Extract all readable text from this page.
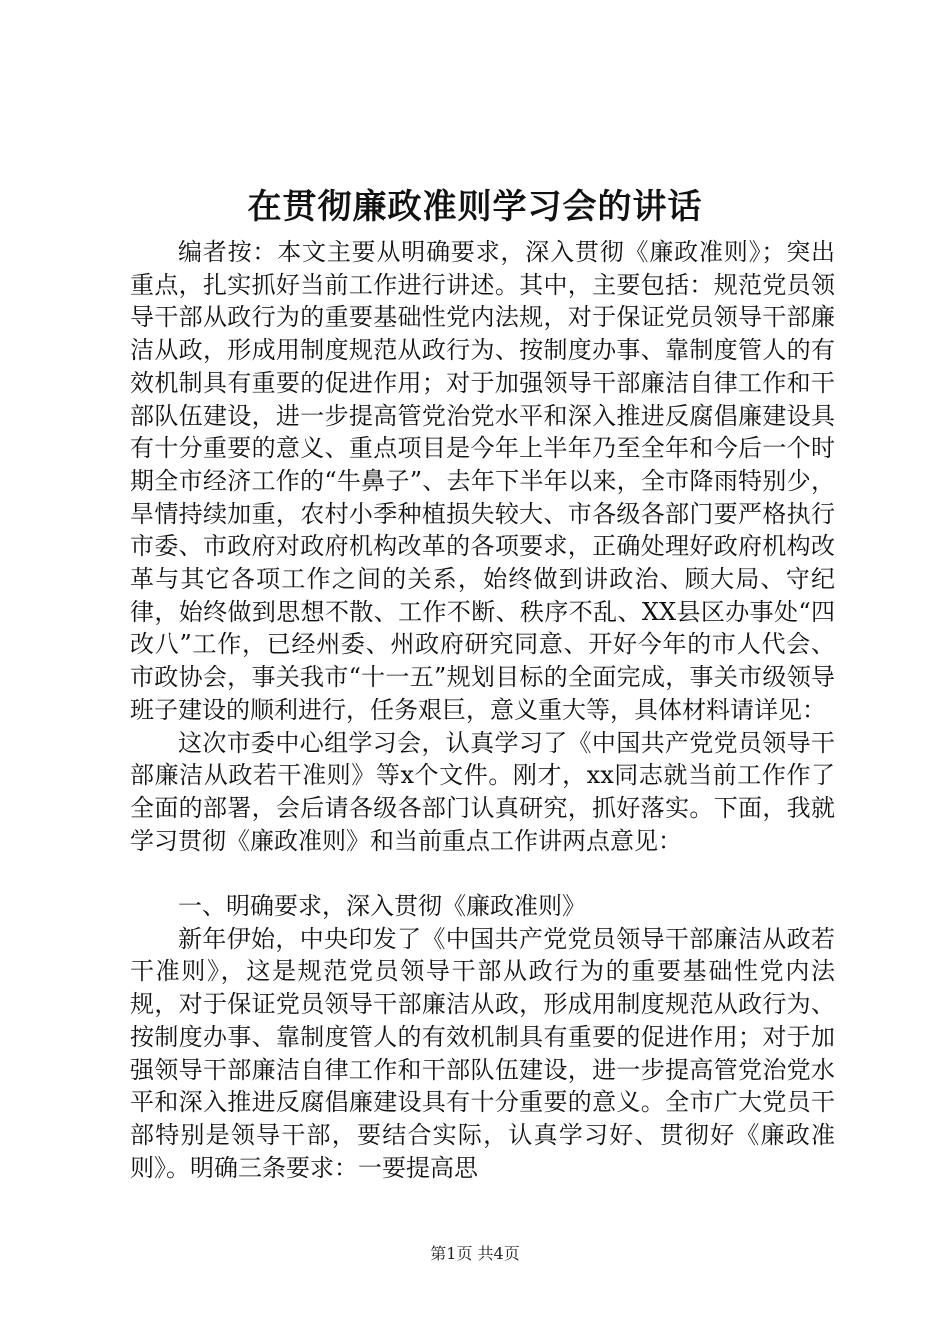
在贯彻廉政准则学习会的讲话

编者按：本文主要从明确要求，深入贯彻《廉政准则》；突出重点，扎实抓好当前工作进行讲述。其中，主要包括：规范党员领导干部从政行为的重要基础性党内法规，对于保证党员领导干部廉洁从政，形成用制度规范从政行为、按制度办事、靠制度管人的有效机制具有重要的促进作用；对于加强领导干部廉洁自律工作和干部队伍建设，进一步提高管党治党水平和深入推进反腐倡廉建设具有十分重要的意义、重点项目是今年上半年乃至全年和今后一个时期全市经济工作的“牛鼻子”、去年下半年以来，全市降雨特别少，旱情持续加重，农村小季种植损失较大、市各级各部门要严格执行市委、市政府对政府机构改革的各项要求，正确处理好政府机构改革与其它各项工作之间的关系，始终做到讲政治、顾大局、守纪律，始终做到思想不散、工作不断、秩序不乱、XX县区办事处“四改八”工作，已经州委、州政府研究同意、开好今年的市人代会、市政协会，事关我市“十一五”规划目标的全面完成，事关市级领导班子建设的顺利进行，任务艰巨，意义重大等，具体材料请详见：

这次市委中心组学习会，认真学习了《中国共产党党员领导干部廉洁从政若干准则》等x个文件。刚才，xx同志就当前工作作了全面的部署，会后请各级各部门认真研究，抓好落实。下面，我就学习贯彻《廉政准则》和当前重点工作讲两点意见：

一、明确要求，深入贯彻《廉政准则》

新年伊始，中央印发了《中国共产党党员领导干部廉洁从政若干准则》，这是规范党员领导干部从政行为的重要基础性党内法规，对于保证党员领导干部廉洁从政，形成用制度规范从政行为、按制度办事、靠制度管人的有效机制具有重要的促进作用；对于加强领导干部廉洁自律工作和干部队伍建设，进一步提高管党治党水平和深入推进反腐倡廉建设具有十分重要的意义。全市广大党员干部特别是领导干部，要结合实际，认真学习好、贯彻好《廉政准则》。明确三条要求：一要提高思

第1页 共4页
